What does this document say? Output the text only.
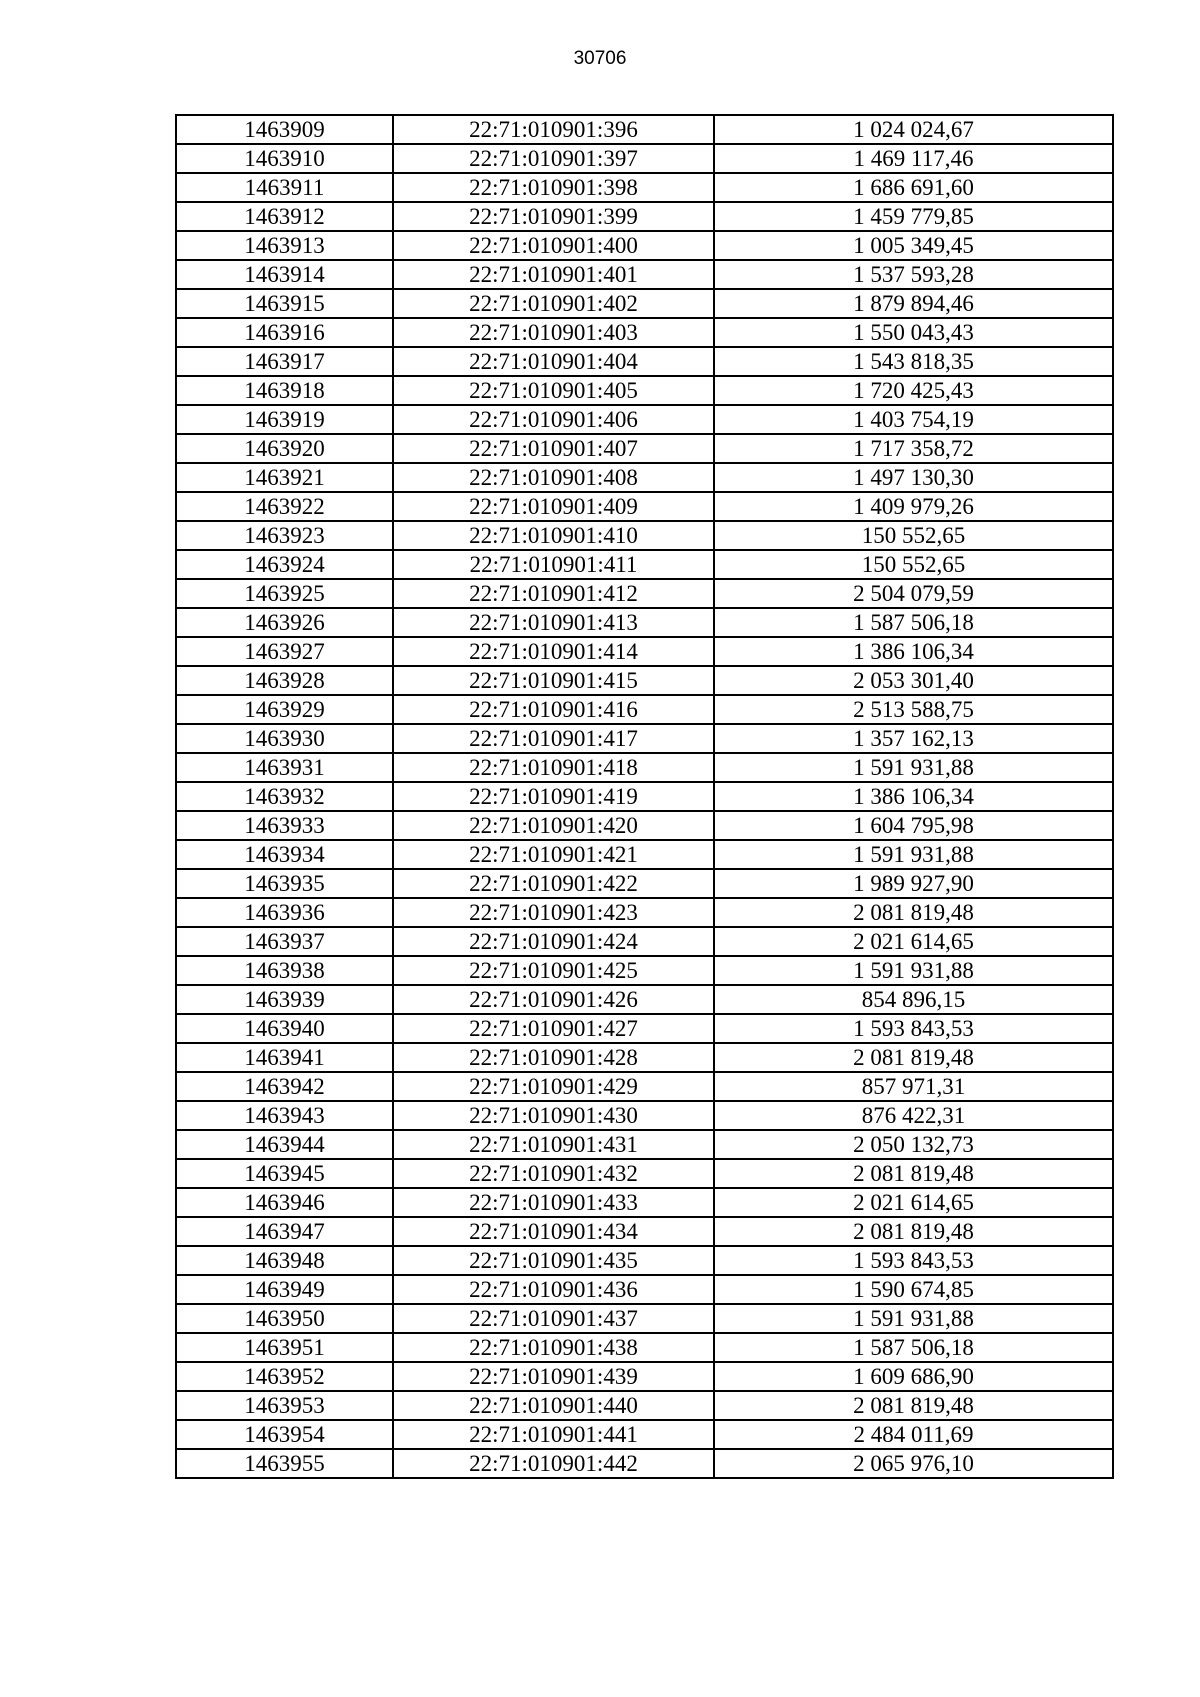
30706
1463909	22:71:010901:396	1 024 024,67
1463910	22:71:010901:397	1 469 117,46
1463911	22:71:010901:398	1 686 691,60
1463912	22:71:010901:399	1 459 779,85
1463913	22:71:010901:400	1 005 349,45
1463914	22:71:010901:401	1 537 593,28
1463915	22:71:010901:402	1 879 894,46
1463916	22:71:010901:403	1 550 043,43
1463917	22:71:010901:404	1 543 818,35
1463918	22:71:010901:405	1 720 425,43
1463919	22:71:010901:406	1 403 754,19
1463920	22:71:010901:407	1 717 358,72
1463921	22:71:010901:408	1 497 130,30
1463922	22:71:010901:409	1 409 979,26
1463923	22:71:010901:410	150 552,65
1463924	22:71:010901:411	150 552,65
1463925	22:71:010901:412	2 504 079,59
1463926	22:71:010901:413	1 587 506,18
1463927	22:71:010901:414	1 386 106,34
1463928	22:71:010901:415	2 053 301,40
1463929	22:71:010901:416	2 513 588,75
1463930	22:71:010901:417	1 357 162,13
1463931	22:71:010901:418	1 591 931,88
1463932	22:71:010901:419	1 386 106,34
1463933	22:71:010901:420	1 604 795,98
1463934	22:71:010901:421	1 591 931,88
1463935	22:71:010901:422	1 989 927,90
1463936	22:71:010901:423	2 081 819,48
1463937	22:71:010901:424	2 021 614,65
1463938	22:71:010901:425	1 591 931,88
1463939	22:71:010901:426	854 896,15
1463940	22:71:010901:427	1 593 843,53
1463941	22:71:010901:428	2 081 819,48
1463942	22:71:010901:429	857 971,31
1463943	22:71:010901:430	876 422,31
1463944	22:71:010901:431	2 050 132,73
1463945	22:71:010901:432	2 081 819,48
1463946	22:71:010901:433	2 021 614,65
1463947	22:71:010901:434	2 081 819,48
1463948	22:71:010901:435	1 593 843,53
1463949	22:71:010901:436	1 590 674,85
1463950	22:71:010901:437	1 591 931,88
1463951	22:71:010901:438	1 587 506,18
1463952	22:71:010901:439	1 609 686,90
1463953	22:71:010901:440	2 081 819,48
1463954	22:71:010901:441	2 484 011,69
1463955	22:71:010901:442	2 065 976,10
